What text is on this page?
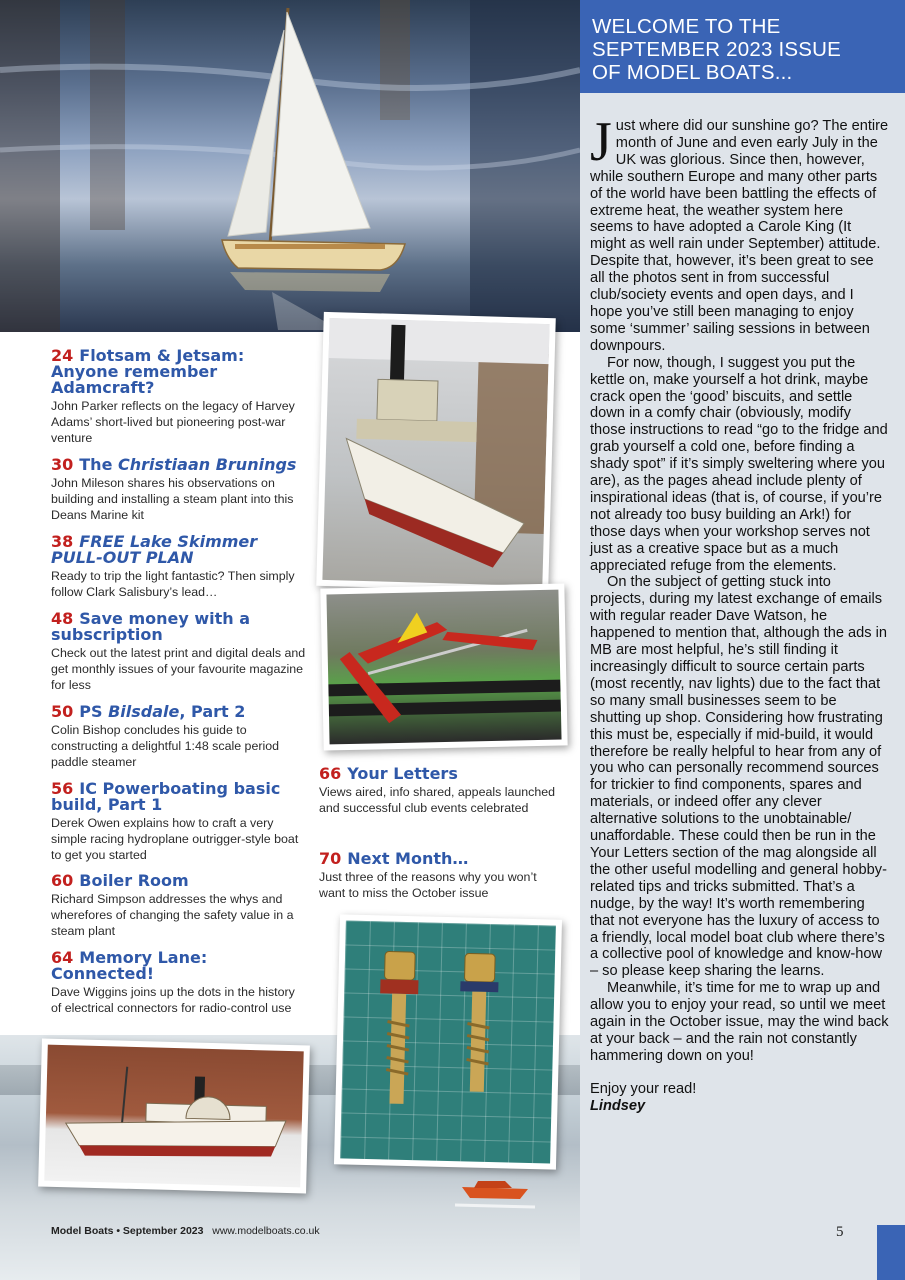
24 Flotsam & Jetsam: Anyone remember Adamcraft?
John Parker reflects on the legacy of Harvey Adams’ short-lived but pioneering post-war venture
30 The Christiaan Brunings
John Mileson shares his observations on building and installing a steam plant into this Deans Marine kit
38 FREE Lake Skimmer PULL-OUT PLAN
Ready to trip the light fantastic? Then simply follow Clark Salisbury’s lead…
48 Save money with a subscription
Check out the latest print and digital deals and get monthly issues of your favourite magazine for less
50 PS Bilsdale, Part 2
Colin Bishop concludes his guide to constructing a delightful 1:48 scale period paddle steamer
56 IC Powerboating basic build, Part 1
Derek Owen explains how to craft a very simple racing hydroplane outrigger-style boat to get you started
60 Boiler Room
Richard Simpson addresses the whys and wherefores of changing the safety value in a steam plant
64 Memory Lane: Connected!
Dave Wiggins joins up the dots in the history of electrical connectors for radio-control use
66 Your Letters
Views aired, info shared, appeals launched and successful club events celebrated
70 Next Month…
Just three of the reasons why you won’t want to miss the October issue
WELCOME TO THE
SEPTEMBER 2023 ISSUE
OF MODEL BOATS...

Just where did our sunshine go? The entire month of June and even early July in the UK was glorious. Since then, however, while southern Europe and many other parts of the world have been battling the effects of extreme heat, the weather system here seems to have adopted a Carole King (It might as well rain under September) attitude. Despite that, however, it’s been great to see all the photos sent in from successful club/society events and open days, and I hope you’ve still been managing to enjoy some ‘summer’ sailing sessions in between downpours.

For now, though, I suggest you put the kettle on, make yourself a hot drink, maybe crack open the ‘good’ biscuits, and settle down in a comfy chair (obviously, modify those instructions to read “go to the fridge and grab yourself a cold one, before finding a shady spot” if it’s simply sweltering where you are), as the pages ahead include plenty of inspirational ideas (that is, of course, if you’re not already too busy building an Ark!) for those days when your workshop serves not just as a creative space but as a much appreciated refuge from the elements.

On the subject of getting stuck into projects, during my latest exchange of emails with regular reader Dave Watson, he happened to mention that, although the ads in MB are most helpful, he’s still finding it increasingly difficult to source certain parts (most recently, nav lights) due to the fact that so many small businesses seem to be shutting up shop. Considering how frustrating this must be, especially if mid-build, it would therefore be really helpful to hear from any of you who can personally recommend sources for trickier to find components, spares and materials, or indeed offer any clever alternative solutions to the unobtainable/ unaffordable. These could then be run in the Your Letters section of the mag alongside all the other useful modelling and general hobby-related tips and tricks submitted. That’s a nudge, by the way! It’s worth remembering that not everyone has the luxury of access to a friendly, local model boat club where there’s a collective pool of knowledge and know-how – so please keep sharing the learns.

Meanwhile, it’s time for me to wrap up and allow you to enjoy your read, so until we meet again in the October issue, may the wind back at your back – and the rain not constantly hammering down on you!

Enjoy your read!

Lindsey

Model Boats • September 2023 www.modelboats.co.uk	5
